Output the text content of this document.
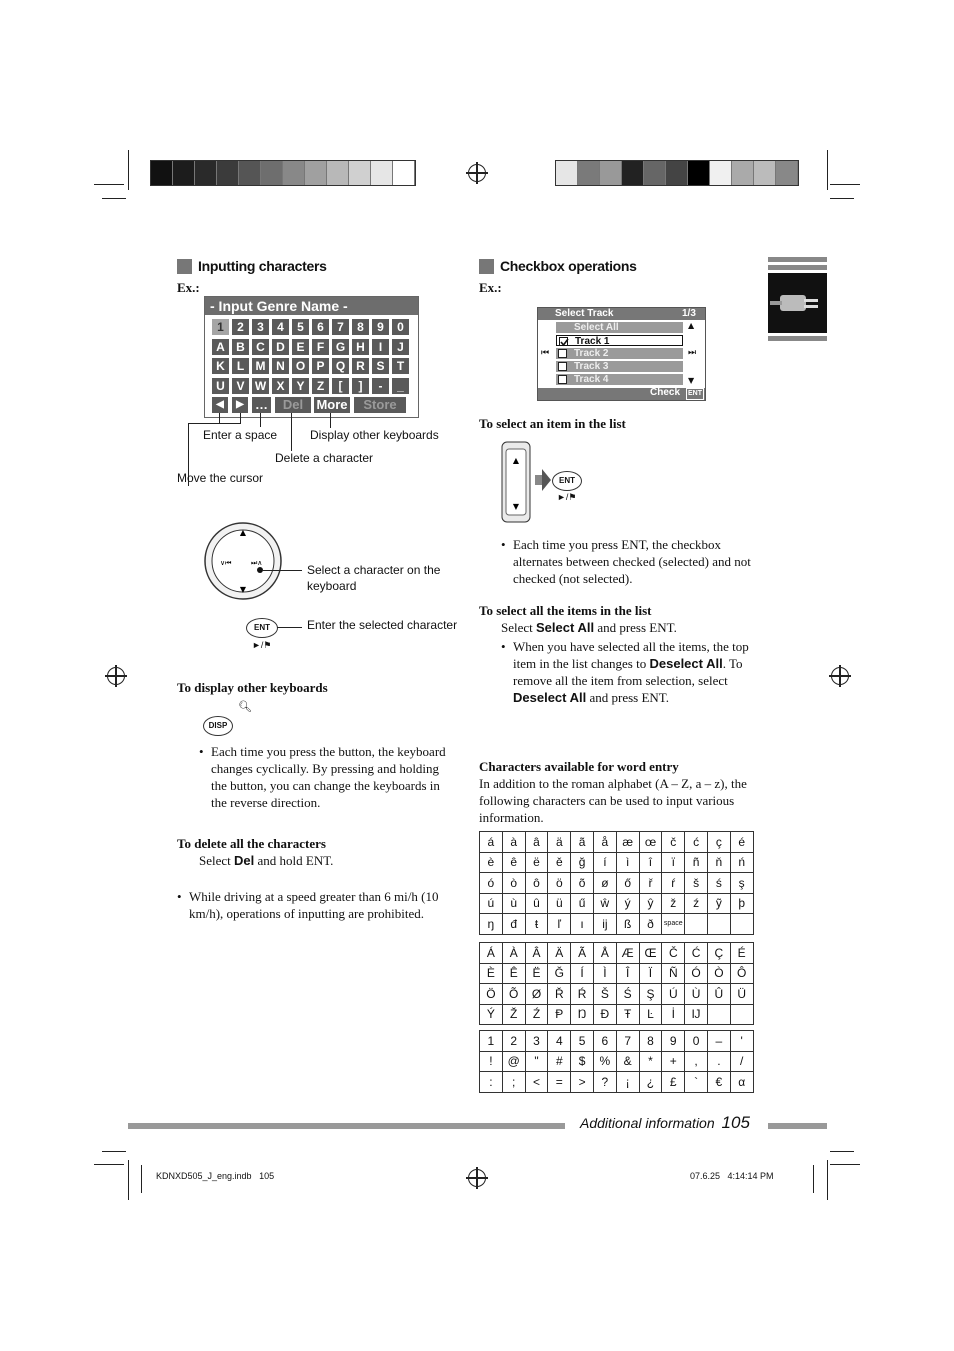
Inputting characters
Ex.:
- Input Genre Name -
1	2	3	4	5	6	7	8	9	0
A B C D E	F G H	I	J
K	L M N O P Q R S	T
U V W X Y	Z	[	]	-	_
◀	▶ …	Del	More	Store
Enter a space	Display other keyboards
Delete a character
Move the cursor
▲
▼
∨⏮	⏭∧	Select a character on the keyboard
ENT
►/⚑
Enter the selected character
To display other keyboards
🔍︎
DISP
• Each time you press the button, the keyboard changes cyclically. By pressing and holding the button, you can change the keyboards in the reverse direction.
To delete all the characters
Select Del and hold ENT.
• While driving at a speed greater than 6 mi/h (10 km/h), operations of inputting are prohibited.
Checkbox operations
Ex.:
Select Track	1/3
Select All
Track 1
Track 2
Track 3
Track 4
▲
▼
⏮	⏭
Check ENT
To select an item in the list
▲
▼
ENT
►/⚑
• Each time you press ENT, the checkbox alternates between checked (selected) and not checked (not selected).
To select all the items in the list
Select Select All and press ENT.
• When you have selected all the items, the top item in the list changes to Deselect All. To remove all the item from selection, select Deselect All and press ENT.
Characters available for word entry
In addition to the roman alphabet (A – Z, a – z), the following characters can be used to input various information.
á	à	â	ä	ã	å	æ	œ	č	ć	ç	é
è	ê	ë	ě	ğ	í	ì	î	ï	ñ	ň	ń
ó	ò	ô	ö	õ	ø	ő	ř	ŕ	š	ś	ş
ú	ù	û	ü	ű	ŵ	ý	ŷ	ž	ź	ỹ	þ
ŋ	đ	ŧ	ľ	ı	ĳ	ß	ð	space			
Á	À	Â	Ä	Ã	Å	Æ	Œ	Č	Ć	Ç	É
È	Ê	Ë	Ğ	Í	Ì	Î	Ï	Ñ	Ó	Ò	Ô
Ö	Õ	Ø	Ř	Ŕ	Š	Ś	Ş	Ú	Ù	Û	Ü
Ý	Ž	Ź	Ᵽ	Ŋ	Đ	Ŧ	Ŀ	İ	Ĳ		
1	2	3	4	5	6	7	8	9	0	–	'
!	@	"	#	$	%	&	*	+	,	.	/
:	;	<	=	>	?	¡	¿	£	`	€	α
Additional information 105
KDNXD505_J_eng.indb   105	07.6.25   4:14:14 PM
